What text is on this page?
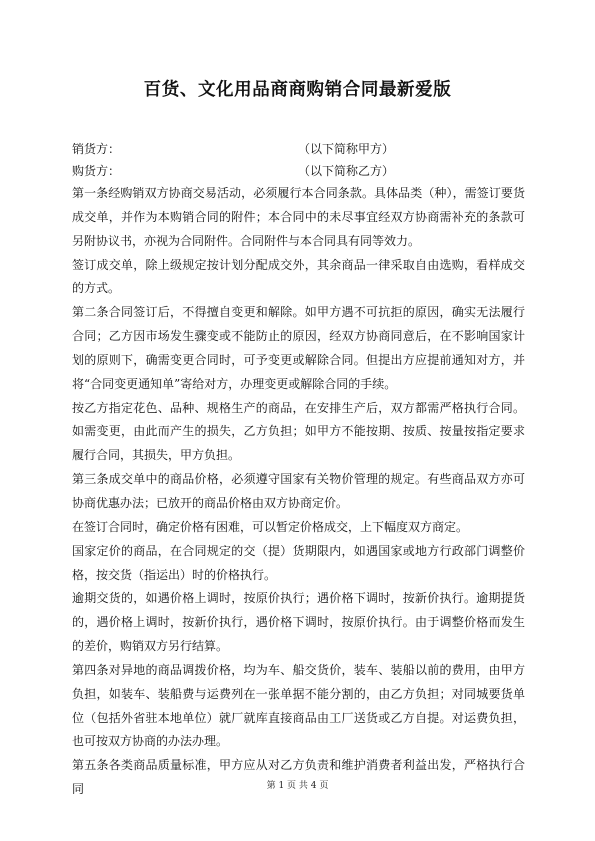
百货、文化用品商商购销合同最新爱版
销货方：	（以下简称甲方）
购货方：	（以下简称乙方）

第一条经购销双方协商交易活动，必须履行本合同条款。具体品类（种），需签订要货成交单，并作为本购销合同的附件；本合同中的未尽事宜经双方协商需补充的条款可另附协议书，亦视为合同附件。合同附件与本合同具有同等效力。

签订成交单，除上级规定按计划分配成交外，其余商品一律采取自由选购，看样成交的方式。

第二条合同签订后，不得擅自变更和解除。如甲方遇不可抗拒的原因，确实无法履行合同；乙方因市场发生骤变或不能防止的原因，经双方协商同意后，在不影响国家计划的原则下，确需变更合同时，可予变更或解除合同。但提出方应提前通知对方，并将“合同变更通知单”寄给对方，办理变更或解除合同的手续。

按乙方指定花色、品种、规格生产的商品，在安排生产后，双方都需严格执行合同。如需变更，由此而产生的损失，乙方负担；如甲方不能按期、按质、按量按指定要求履行合同，其损失，甲方负担。

第三条成交单中的商品价格，必须遵守国家有关物价管理的规定。有些商品双方亦可协商优惠办法；已放开的商品价格由双方协商定价。

在签订合同时，确定价格有困难，可以暂定价格成交，上下幅度双方商定。

国家定价的商品，在合同规定的交（提）货期限内，如遇国家或地方行政部门调整价格，按交货（指运出）时的价格执行。

逾期交货的，如遇价格上调时，按原价执行；遇价格下调时，按新价执行。逾期提货的，遇价格上调时，按新价执行，遇价格下调时，按原价执行。由于调整价格而发生的差价，购销双方另行结算。

第四条对异地的商品调拨价格，均为车、船交货价，装车、装船以前的费用，由甲方负担，如装车、装船费与运费列在一张单据不能分割的，由乙方负担；对同城要货单位（包括外省驻本地单位）就厂就库直接商品由工厂送货或乙方自提。对运费负担，也可按双方协商的办法办理。

第五条各类商品质量标准，甲方应从对乙方负责和维护消费者利益出发，严格执行合同	第 1 页 共 4 页
